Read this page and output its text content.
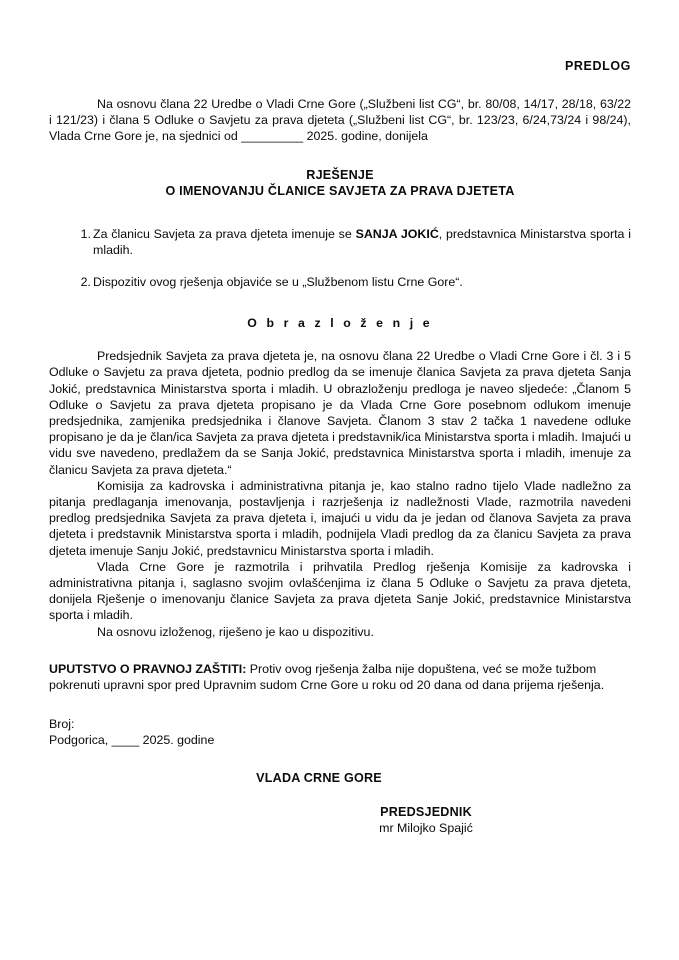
PREDLOG

Na osnovu člana 22 Uredbe o Vladi Crne Gore („Službeni list CG“, br. 80/08, 14/17, 28/18, 63/22 i 121/23) i člana 5 Odluke o Savjetu za prava djeteta („Službeni list CG“, br. 123/23, 6/24,73/24 i 98/24), Vlada Crne Gore je, na sjednici od _________ 2025. godine, donijela

RJEŠENJE
O IMENOVANJU ČLANICE SAVJETA ZA PRAVA DJETETA
1. Za članicu Savjeta za prava djeteta imenuje se SANJA JOKIĆ, predstavnica Ministarstva sporta i mladih.
2. Dispozitiv ovog rješenja objaviće se u „Službenom listu Crne Gore“.
O b r a z l o ž e n j e

Predsjednik Savjeta za prava djeteta je, na osnovu člana 22 Uredbe o Vladi Crne Gore i čl. 3 i 5 Odluke o Savjetu za prava djeteta, podnio predlog da se imenuje članica Savjeta za prava djeteta Sanja Jokić, predstavnica Ministarstva sporta i mladih. U obrazloženju predloga je naveo sljedeće: „Članom 5 Odluke o Savjetu za prava djeteta propisano je da Vlada Crne Gore posebnom odlukom imenuje predsjednika, zamjenika predsjednika i članove Savjeta. Članom 3 stav 2 tačka 1 navedene odluke propisano je da je član/ica Savjeta za prava djeteta i predstavnik/ica Ministarstva sporta i mladih. Imajući u vidu sve navedeno, predlažem da se Sanja Jokić, predstavnica Ministarstva sporta i mladih, imenuje za članicu Savjeta za prava djeteta.“

Komisija za kadrovska i administrativna pitanja je, kao stalno radno tijelo Vlade nadležno za pitanja predlaganja imenovanja, postavljenja i razrješenja iz nadležnosti Vlade, razmotrila navedeni predlog predsjednika Savjeta za prava djeteta i, imajući u vidu da je jedan od članova Savjeta za prava djeteta i predstavnik Ministarstva sporta i mladih, podnijela Vladi predlog da za članicu Savjeta za prava djeteta imenuje Sanju Jokić, predstavnicu Ministarstva sporta i mladih.

Vlada Crne Gore je razmotrila i prihvatila Predlog rješenja Komisije za kadrovska i administrativna pitanja i, saglasno svojim ovlašćenjima iz člana 5 Odluke o Savjetu za prava djeteta, donijela Rješenje o imenovanju članice Savjeta za prava djeteta Sanje Jokić, predstavnice Ministarstva sporta i mladih.

Na osnovu izloženog, riješeno je kao u dispozitivu.

UPUTSTVO O PRAVNOJ ZAŠTITI: Protiv ovog rješenja žalba nije dopuštena, već se može tužbom pokrenuti upravni spor pred Upravnim sudom Crne Gore u roku od 20 dana od dana prijema rješenja.
Broj:
Podgorica, ____ 2025. godine
VLADA CRNE GORE
PREDSJEDNIK
mr Milojko Spajić
